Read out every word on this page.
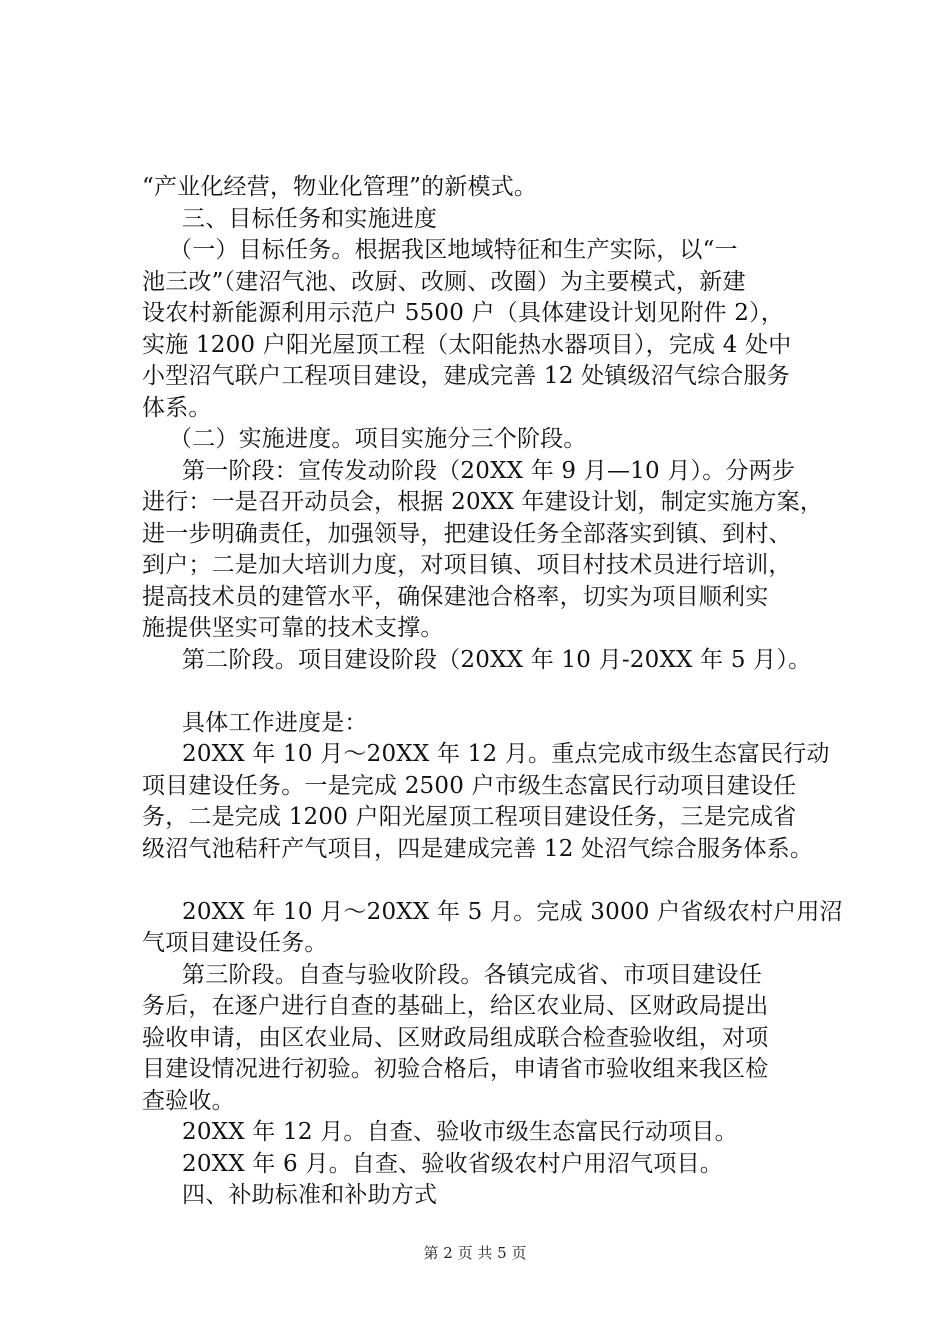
“产业化经营，物业化管理”的新模式。
三、目标任务和实施进度
（一）目标任务。根据我区地域特征和生产实际，以“一
池三改”（建沼气池、改厨、改厕、改圈）为主要模式，新建
设农村新能源利用示范户 5500 户（具体建设计划见附件 2），
实施 1200 户阳光屋顶工程（太阳能热水器项目），完成 4 处中
小型沼气联户工程项目建设，建成完善 12 处镇级沼气综合服务
体系。
（二）实施进度。项目实施分三个阶段。
第一阶段：宣传发动阶段（20XX 年 9 月—10 月）。分两步
进行：一是召开动员会，根据 20XX 年建设计划，制定实施方案，
进一步明确责任，加强领导，把建设任务全部落实到镇、到村、
到户；二是加大培训力度，对项目镇、项目村技术员进行培训，
提高技术员的建管水平，确保建池合格率，切实为项目顺利实
施提供坚实可靠的技术支撑。
第二阶段。项目建设阶段（20XX 年 10 月-20XX 年 5 月）。
具体工作进度是：
20XX 年 10 月～20XX 年 12 月。重点完成市级生态富民行动
项目建设任务。一是完成 2500 户市级生态富民行动项目建设任
务，二是完成 1200 户阳光屋顶工程项目建设任务，三是完成省
级沼气池秸秆产气项目，四是建成完善 12 处沼气综合服务体系。
20XX 年 10 月～20XX 年 5 月。完成 3000 户省级农村户用沼
气项目建设任务。
第三阶段。自查与验收阶段。各镇完成省、市项目建设任
务后，在逐户进行自查的基础上，给区农业局、区财政局提出
验收申请，由区农业局、区财政局组成联合检查验收组，对项
目建设情况进行初验。初验合格后，申请省市验收组来我区检
查验收。
20XX 年 12 月。自查、验收市级生态富民行动项目。
20XX 年 6 月。自查、验收省级农村户用沼气项目。
四、补助标准和补助方式
第 2 页 共 5 页
